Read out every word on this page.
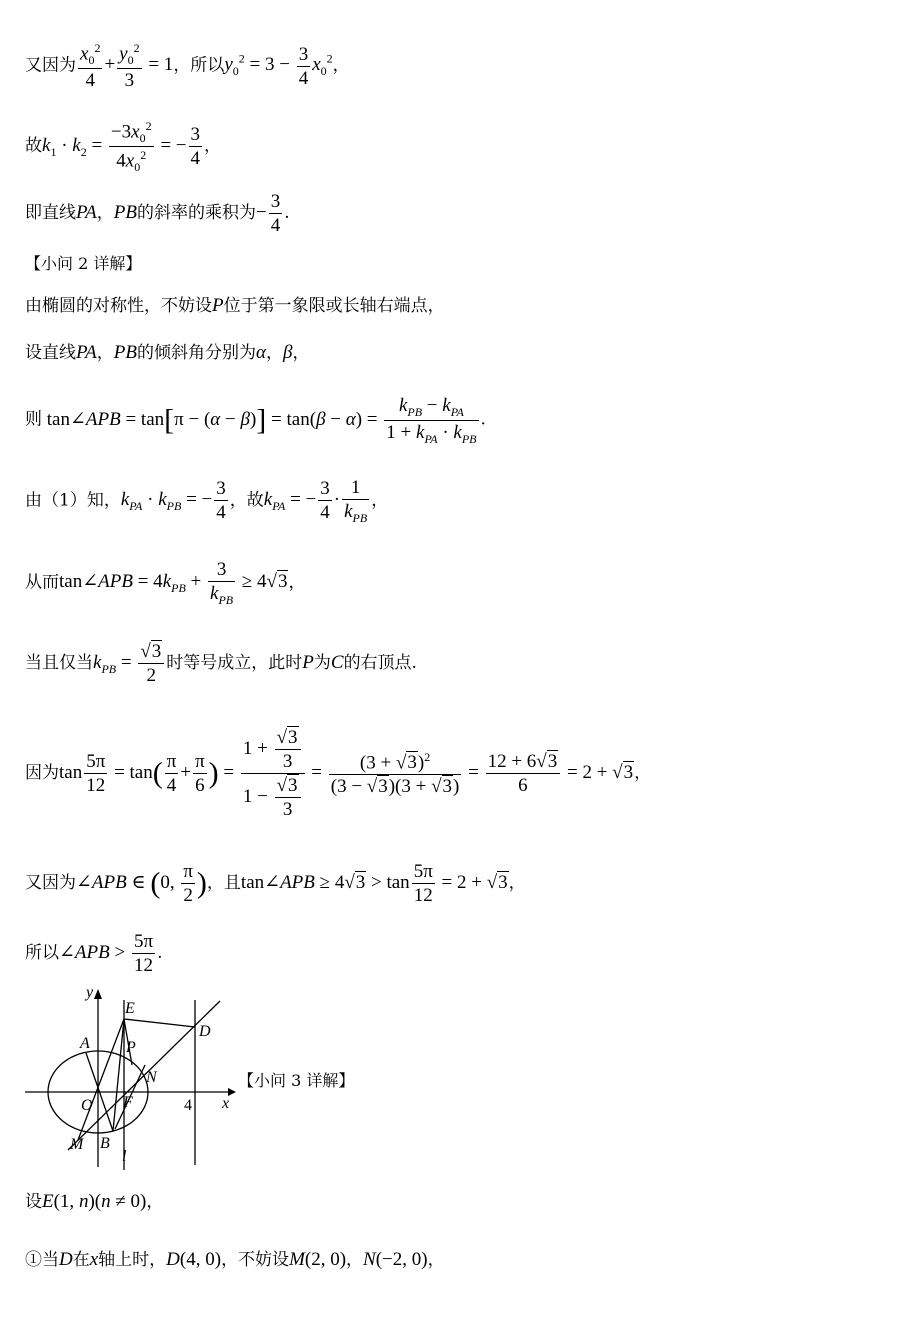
又因为 $\frac{x_0^2}{4} + \frac{y_0^2}{3} = 1$，所以$y_0^2 = 3 - \frac{3}{4} x_0^2$，
故$k_1 \cdot k_2 = \frac{-3x_0^2}{4x_0^2}$ = − $\frac{3}{4}$ ，
即直线PA，PB的斜率的乘积为− $\frac{3}{4}$ .
【小问 2 详解】
由椭圆的对称性，不妨设P位于第一象限或长轴右端点，
设直线PA，PB的倾斜角分别为α，β，
则 tan∠APB = tan[π − (α − β)] = tan(β − α) =
$k_{PB} - k_{PA}$
$1 + k_{PA} \cdot k_{PB}$
.
由（1）知，$k_{PA} \cdot k_{PB}$ = − $\frac{3}{4}$ ，故$k_{PA}$ = − $\frac{3}{4}$ ·
1
$k_{PB}$
，
从而tan∠APB = $4k_{PB}$ +
3
$k_{PB}$
≥ 4√3，
当且仅当$k_{PB} = \frac{√3}{2}$ 时等号成立，此时P为C的右顶点.
因为$\tan \frac{5\pi}{12} = \tan( \frac{\pi}{4} + \frac{\pi}{6}$ ) = $\frac{1 + \frac{√3}{3}}{1 - \frac{√3}{3}} = \frac{(3 + √3)^2}{(3 - √3)(3 + √3)} = \frac{12 + 6√3}{6} = 2 + √3$，
又因为∠APB ∈ (0, $\frac{\pi}{2}$ )，且tan∠APB ≥ $4√3 > \tan \frac{5\pi}{12} = 2 + √3$，
所以∠APB > $\frac{5\pi}{12}$ .
y
x
E
D
A P
N
O F	4
M B
l
【小问 3 详解】
设E(1, n)(n ≠ 0)，
①当D在x轴上时，D(4, 0)，不妨设M(2, 0)，N(−2, 0)，
